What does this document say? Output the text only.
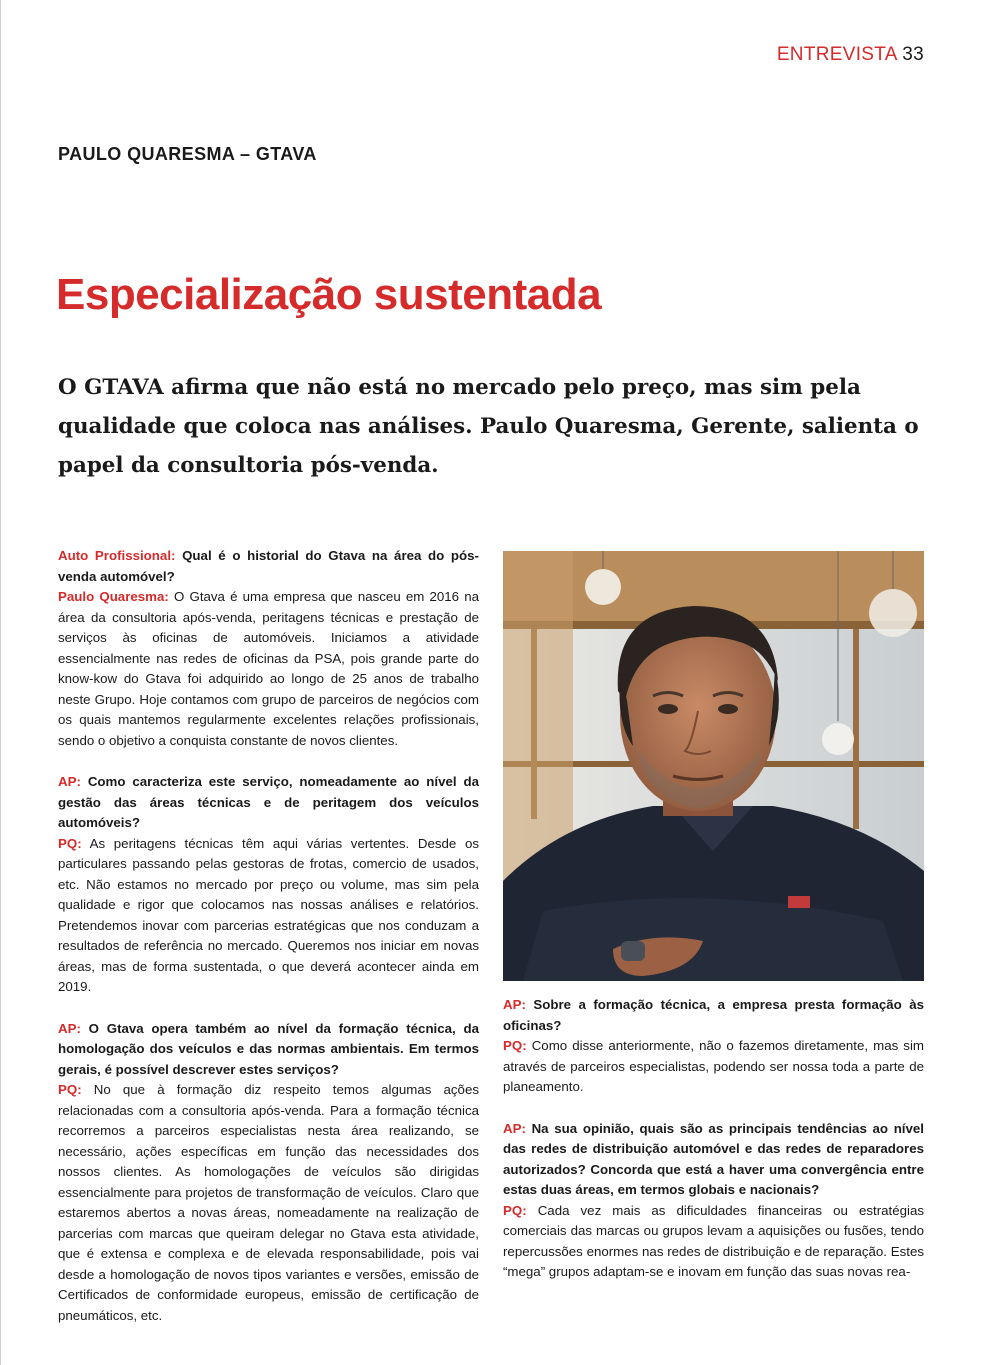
ENTREVISTA 33
PAULO QUARESMA – GTAVA
Especialização sustentada

O GTAVA afirma que não está no mercado pelo preço, mas sim pela qualidade que coloca nas análises. Paulo Quaresma, Gerente, salienta o papel da consultoria pós-venda.

Auto Profissional: Qual é o historial do Gtava na área do pós-venda automóvel?

Paulo Quaresma: O Gtava é uma empresa que nasceu em 2016 na área da consultoria após-venda, peritagens técnicas e prestação de serviços às oficinas de automóveis. Iniciamos a atividade essencialmente nas redes de oficinas da PSA, pois grande parte do know-kow do Gtava foi adquirido ao longo de 25 anos de trabalho neste Grupo. Hoje contamos com grupo de parceiros de negócios com os quais mantemos regularmente excelentes relações profissionais, sendo o objetivo a conquista constante de novos clientes.

AP: Como caracteriza este serviço, nomeadamente ao nível da gestão das áreas técnicas e de peritagem dos veículos automóveis?

PQ: As peritagens técnicas têm aqui várias vertentes. Desde os particulares passando pelas gestoras de frotas, comercio de usados, etc. Não estamos no mercado por preço ou volume, mas sim pela qualidade e rigor que colocamos nas nossas análises e relatórios. Pretendemos inovar com parcerias estratégicas que nos conduzam a resultados de referência no mercado. Queremos nos iniciar em novas áreas, mas de forma sustentada, o que deverá acontecer ainda em 2019.

AP: O Gtava opera também ao nível da formação técnica, da homologação dos veículos e das normas ambientais. Em termos gerais, é possível descrever estes serviços?

PQ: No que à formação diz respeito temos algumas ações relacionadas com a consultoria após-venda. Para a formação técnica recorremos a parceiros especialistas nesta área realizando, se necessário, ações específicas em função das necessidades dos nossos clientes. As homologações de veículos são dirigidas essencialmente para projetos de transformação de veículos. Claro que estaremos abertos a novas áreas, nomeadamente na realização de parcerias com marcas que queiram delegar no Gtava esta atividade, que é extensa e complexa e de elevada responsabilidade, pois vai desde a homologação de novos tipos variantes e versões, emissão de Certificados de conformidade europeus, emissão de certificação de pneumáticos, etc.

AP: Sobre a formação técnica, a empresa presta formação às oficinas?

PQ: Como disse anteriormente, não o fazemos diretamente, mas sim através de parceiros especialistas, podendo ser nossa toda a parte de planeamento.

AP: Na sua opinião, quais são as principais tendências ao nível das redes de distribuição automóvel e das redes de reparadores autorizados? Concorda que está a haver uma convergência entre estas duas áreas, em termos globais e nacionais?

PQ: Cada vez mais as dificuldades financeiras ou estratégias comerciais das marcas ou grupos levam a aquisições ou fusões, tendo repercussões enormes nas redes de distribuição e de reparação. Estes “mega” grupos adaptam-se e inovam em função das suas novas rea-
